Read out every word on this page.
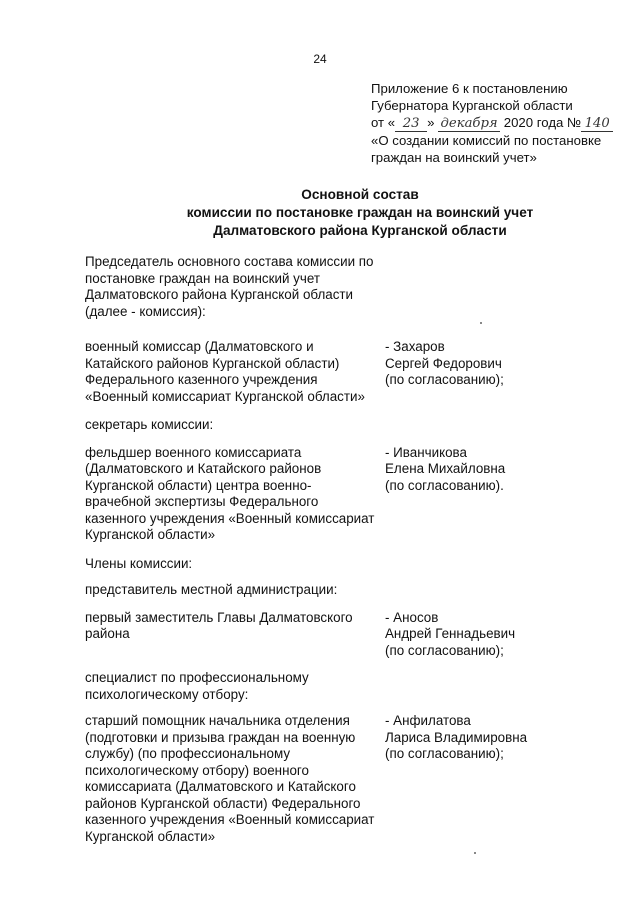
24
Приложение 6 к постановлению
Губернатора Курганской области
от « 23 » декабря 2020 года № 140
«О создании комиссий по постановке
граждан на воинский учет»
Основной состав
комиссии по постановке граждан на воинский учет
Далматовского района Курганской области
Председатель основного состава комиссии по постановке граждан на воинский учет Далматовского района Курганской области (далее - комиссия):
военный комиссар (Далматовского и Катайского районов Курганской области) Федерального казенного учреждения «Военный комиссариат Курганской области»
- Захаров
Сергей Федорович
(по согласованию);
секретарь комиссии:
фельдшер военного комиссариата (Далматовского и Катайского районов Курганской области) центра военно-врачебной экспертизы Федерального казенного учреждения «Военный комиссариат Курганской области»
- Иванчикова
Елена Михайловна
(по согласованию).
Члены комиссии:
представитель местной администрации:
первый заместитель Главы Далматовского района
- Аносов
Андрей Геннадьевич
(по согласованию);
специалист по профессиональному психологическому отбору:
старший помощник начальника отделения (подготовки и призыва граждан на военную службу) (по профессиональному психологическому отбору) военного комиссариата (Далматовского и Катайского районов Курганской области) Федерального казенного учреждения «Военный комиссариат Курганской области»
- Анфилатова
Лариса Владимировна
(по согласованию);
